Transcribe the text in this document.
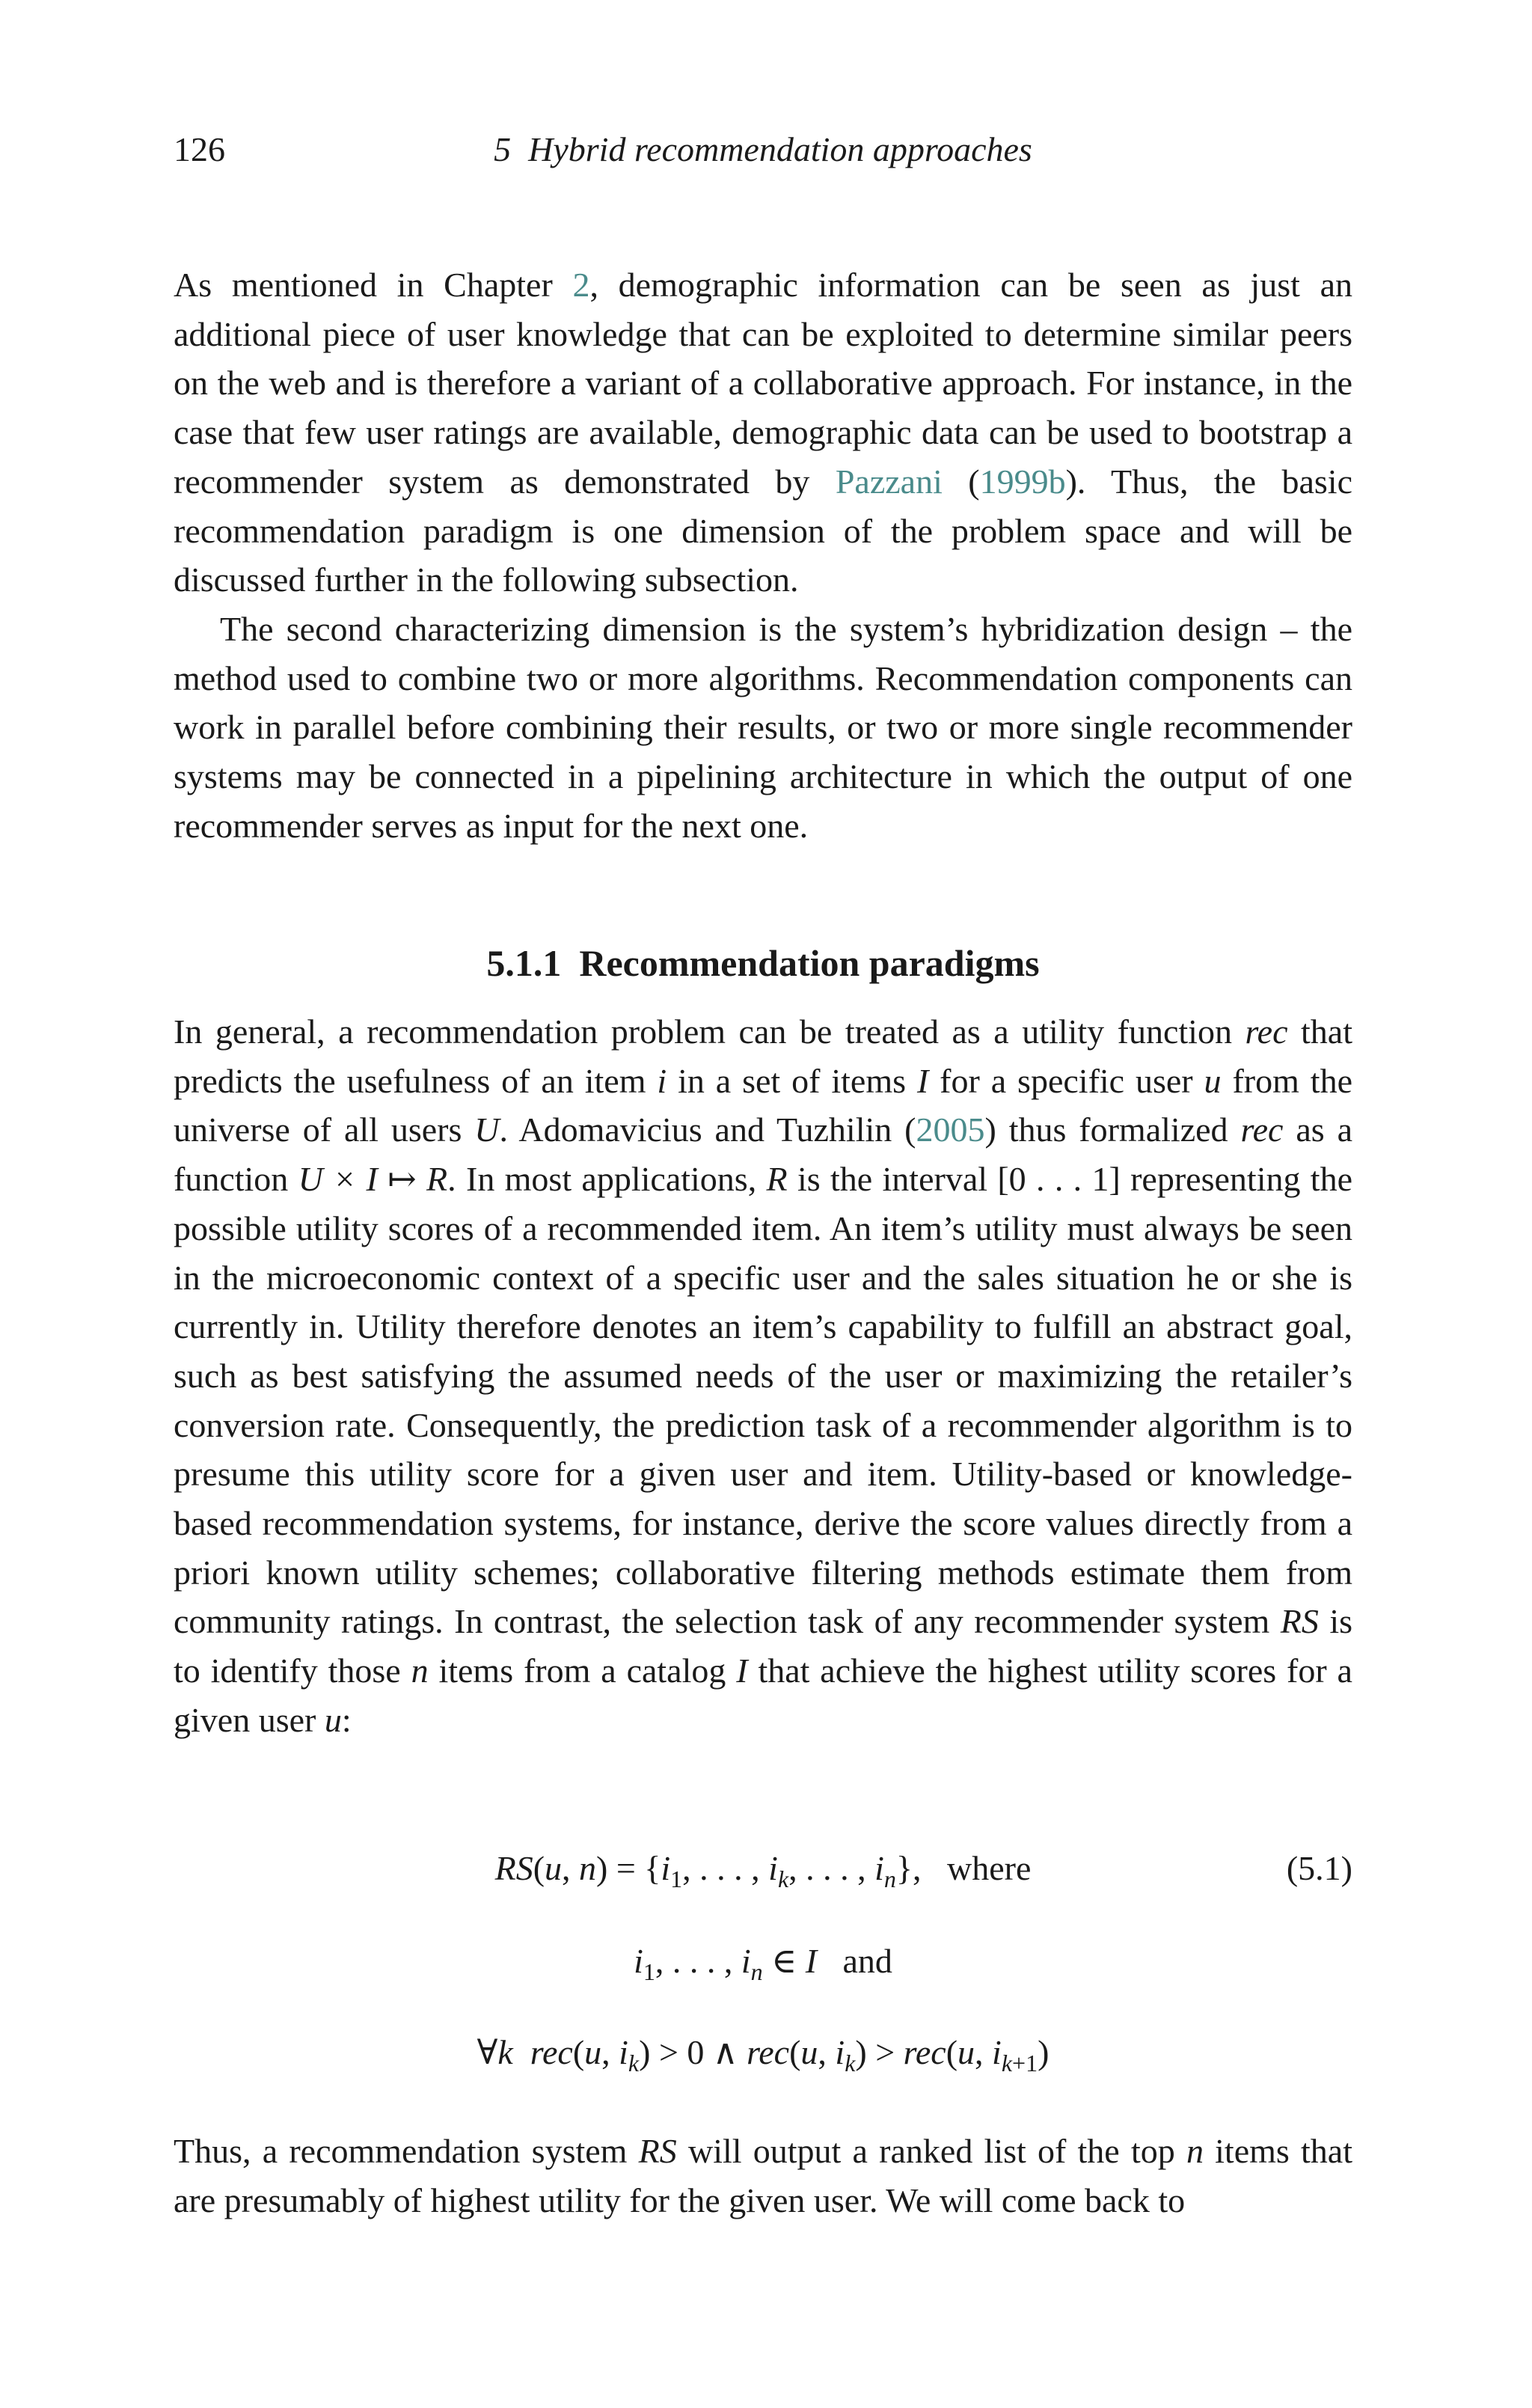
126	5 Hybrid recommendation approaches

As mentioned in Chapter 2, demographic information can be seen as just an additional piece of user knowledge that can be exploited to determine similar peers on the web and is therefore a variant of a collaborative approach. For instance, in the case that few user ratings are available, demographic data can be used to bootstrap a recommender system as demonstrated by Pazzani (1999b). Thus, the basic recommendation paradigm is one dimension of the problem space and will be discussed further in the following subsection.

The second characterizing dimension is the system’s hybridization design – the method used to combine two or more algorithms. Recommendation components can work in parallel before combining their results, or two or more single recommender systems may be connected in a pipelining architecture in which the output of one recommender serves as input for the next one.

5.1.1 Recommendation paradigms

In general, a recommendation problem can be treated as a utility function rec that predicts the usefulness of an item i in a set of items I for a specific user u from the universe of all users U. Adomavicius and Tuzhilin (2005) thus formalized rec as a function U × I ↦ R. In most applications, R is the interval [0 . . . 1] representing the possible utility scores of a recommended item. An item’s utility must always be seen in the microeconomic context of a specific user and the sales situation he or she is currently in. Utility therefore denotes an item’s capability to fulfill an abstract goal, such as best satisfying the assumed needs of the user or maximizing the retailer’s conversion rate. Consequently, the prediction task of a recommender algorithm is to presume this utility score for a given user and item. Utility-based or knowledge-based recommendation systems, for instance, derive the score values directly from a priori known utility schemes; collaborative filtering methods estimate them from community ratings. In contrast, the selection task of any recommender system RS is to identify those n items from a catalog I that achieve the highest utility scores for a given user u:

RS(u, $n) = \{i_1$, . . . , $i_k$, . . . , $i_n$},   where	(5.1)
$i_1$, . . . , $i_n$ ∈ I and
∀k rec(u, $i_k) > 0$ ∧ rec(u, $i_k) > rec(u$, $i_{k+1}$)

Thus, a recommendation system RS will output a ranked list of the top n items that are presumably of highest utility for the given user. We will come back to
